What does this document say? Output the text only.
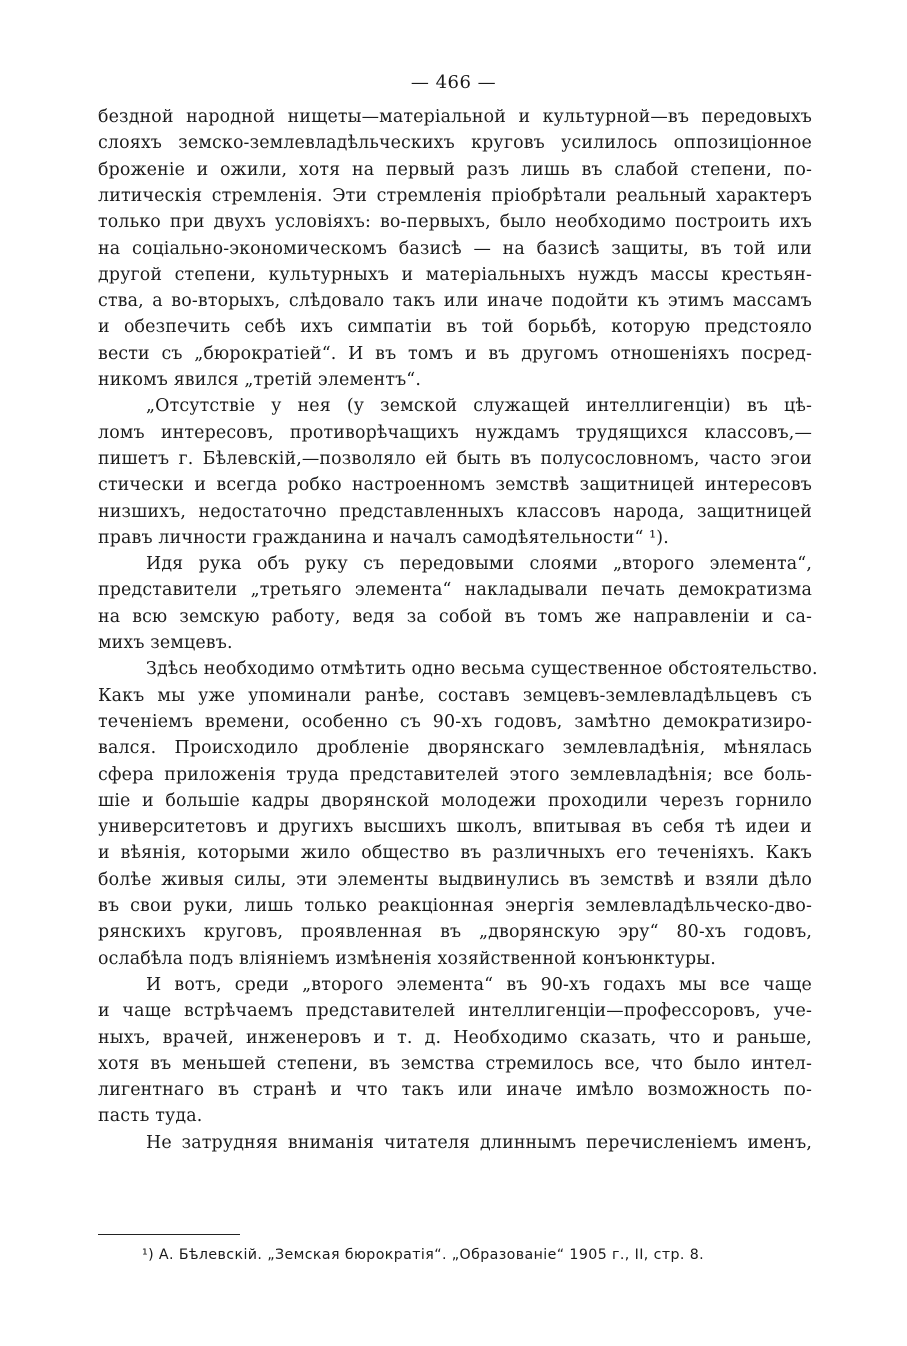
— 466 —
бездной народной нищеты—матеріальной и культурной—въ передовыхъ
слояхъ земско-землевладѣльческихъ круговъ усилилось оппозиціонное
броженіе и ожили, хотя на первый разъ лишь въ слабой степени, по-
литическія стремленія. Эти стремленія пріобрѣтали реальный характеръ
только при двухъ условіяхъ: во-первыхъ, было необходимо построить ихъ
на соціально-экономическомъ базисѣ — на базисѣ защиты, въ той или
другой степени, культурныхъ и матеріальныхъ нуждъ массы крестьян-
ства, а во-вторыхъ, слѣдовало такъ или иначе подойти къ этимъ массамъ
и обезпечить себѣ ихъ симпатіи въ той борьбѣ, которую предстояло
вести съ „бюрократіей“. И въ томъ и въ другомъ отношеніяхъ посред-
никомъ явился „третій элементъ“.
„Отсутствіе у нея (у земской служащей интеллигенціи) въ цѣ-
ломъ интересовъ, противорѣчащихъ нуждамъ трудящихся классовъ,—
пишетъ г. Бѣлевскій,—позволяло ей быть въ полусословномъ, часто эгои
стически и всегда робко настроенномъ земствѣ защитницей интересовъ
низшихъ, недостаточно представленныхъ классовъ народа, защитницей
правъ личности гражданина и началъ самодѣятельности“ ¹).
Идя рука объ руку съ передовыми слоями „второго элемента“,
представители „третьяго элемента“ накладывали печать демократизма
на всю земскую работу, ведя за собой въ томъ же направленіи и са-
михъ земцевъ.
Здѣсь необходимо отмѣтить одно весьма существенное обстоятельство.
Какъ мы уже упоминали ранѣе, составъ земцевъ-землевладѣльцевъ съ
теченіемъ времени, особенно съ 90-хъ годовъ, замѣтно демократизиро-
вался. Происходило дробленіе дворянскаго землевладѣнія, мѣнялась
сфера приложенія труда представителей этого землевладѣнія; все боль-
шіе и большіе кадры дворянской молодежи проходили черезъ горнило
университетовъ и другихъ высшихъ школъ, впитывая въ себя тѣ идеи и
и вѣянія, которыми жило общество въ различныхъ его теченіяхъ. Какъ
болѣе живыя силы, эти элементы выдвинулись въ земствѣ и взяли дѣло
въ свои руки, лишь только реакціонная энергія землевладѣльческо-дво-
рянскихъ круговъ, проявленная въ „дворянскую эру“ 80-хъ годовъ,
ослабѣла подъ вліяніемъ измѣненія хозяйственной конъюнктуры.
И вотъ, среди „второго элемента“ въ 90-хъ годахъ мы все чаще
и чаще встрѣчаемъ представителей интеллигенціи—профессоровъ, уче-
ныхъ, врачей, инженеровъ и т. д. Необходимо сказать, что и раньше,
хотя въ меньшей степени, въ земства стремилось все, что было интел-
лигентнаго въ странѣ и что такъ или иначе имѣло возможность по-
пасть туда.
Не затрудняя вниманія читателя длиннымъ перечисленіемъ именъ,
¹) А. Бѣлевскій. „Земская бюрократія“. „Образованіе“ 1905 г., II, стр. 8.
